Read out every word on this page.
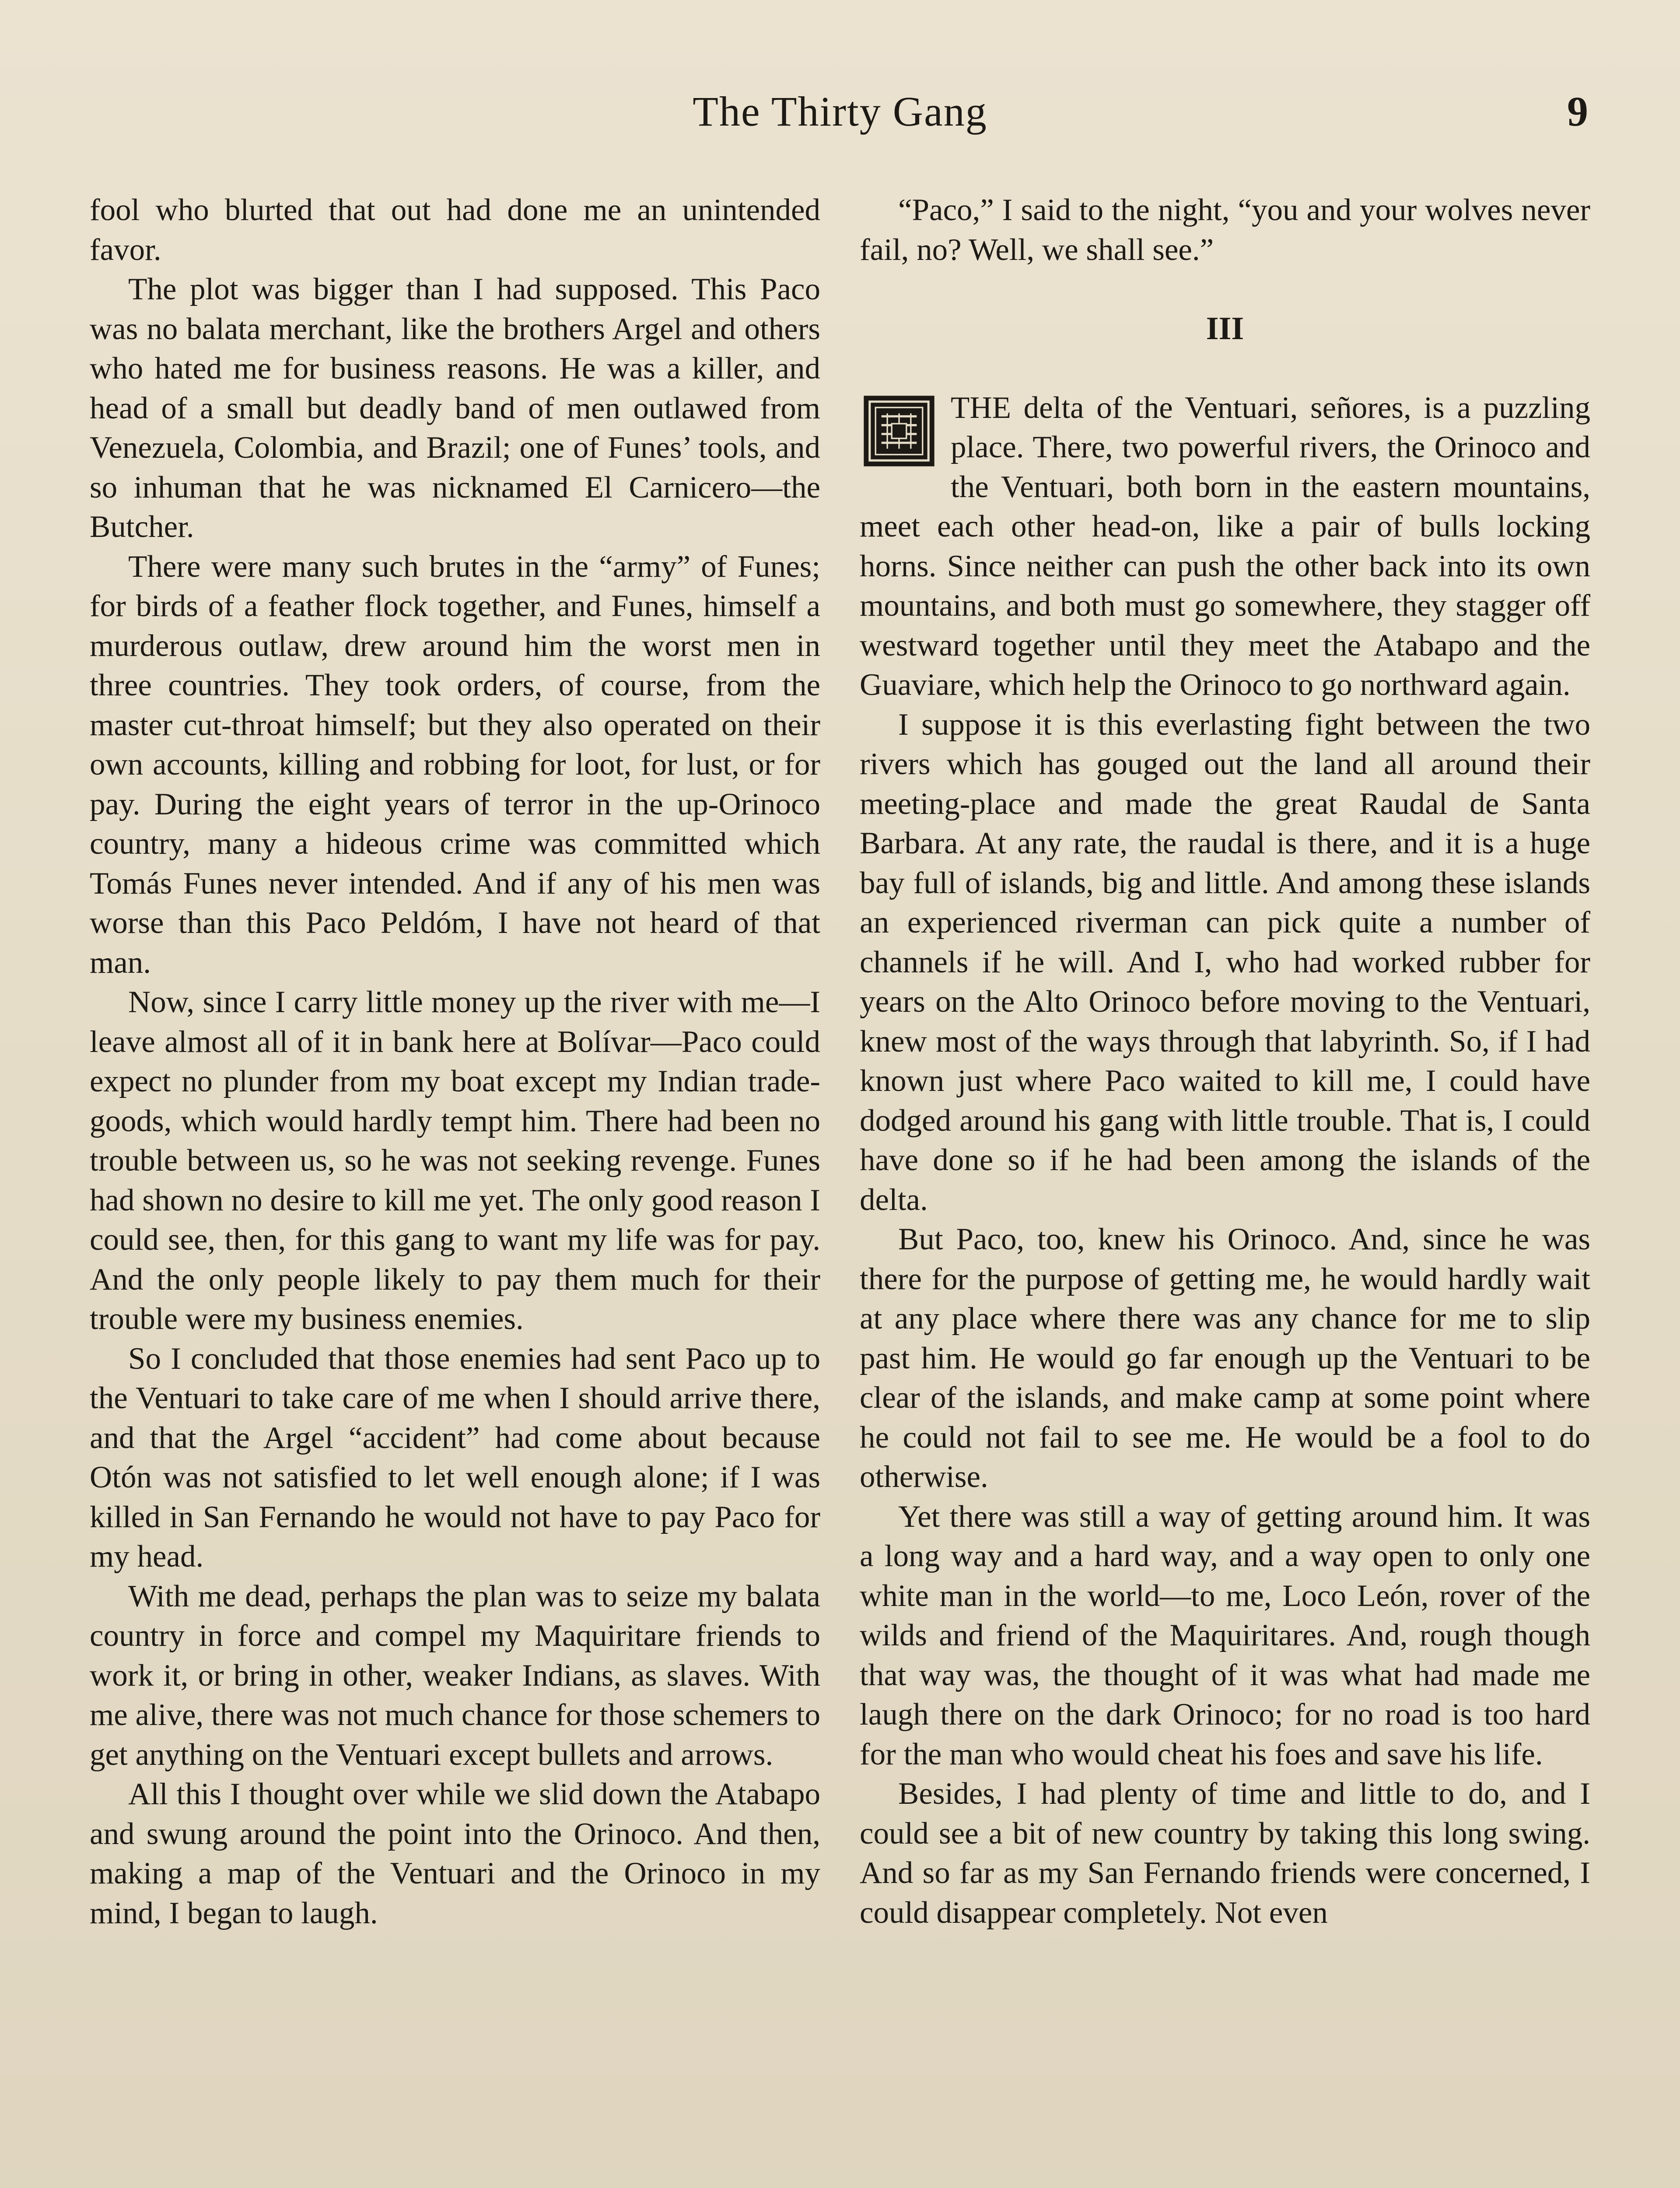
The Thirty Gang	9

fool who blurted that out had done me an unintended favor.

The plot was bigger than I had supposed. This Paco was no balata merchant, like the brothers Argel and others who hated me for business reasons. He was a killer, and head of a small but deadly band of men outlawed from Venezuela, Colombia, and Brazil; one of Funes’ tools, and so inhuman that he was nicknamed El Carnicero—the Butcher.

There were many such brutes in the “army” of Funes; for birds of a feather flock together, and Funes, himself a murderous outlaw, drew around him the worst men in three countries. They took orders, of course, from the master cut-throat himself; but they also operated on their own accounts, killing and robbing for loot, for lust, or for pay. During the eight years of terror in the up-Orinoco country, many a hideous crime was committed which Tomás Funes never intended. And if any of his men was worse than this Paco Peldóm, I have not heard of that man.

Now, since I carry little money up the river with me—I leave almost all of it in bank here at Bolívar—Paco could expect no plunder from my boat except my Indian trade-goods, which would hardly tempt him. There had been no trouble between us, so he was not seeking revenge. Funes had shown no desire to kill me yet. The only good reason I could see, then, for this gang to want my life was for pay. And the only people likely to pay them much for their trouble were my business enemies.

So I concluded that those enemies had sent Paco up to the Ventuari to take care of me when I should arrive there, and that the Argel “accident” had come about because Otón was not satisfied to let well enough alone; if I was killed in San Fernando he would not have to pay Paco for my head.

With me dead, perhaps the plan was to seize my balata country in force and compel my Maquiritare friends to work it, or bring in other, weaker Indians, as slaves. With me alive, there was not much chance for those schemers to get anything on the Ventuari except bullets and arrows.

All this I thought over while we slid down the Atabapo and swung around the point into the Orinoco. And then, making a map of the Ventuari and the Orinoco in my mind, I began to laugh.

“Paco,” I said to the night, “you and your wolves never fail, no? Well, we shall see.”

III

THE delta of the Ventuari, señores, is a puzzling place. There, two powerful rivers, the Orinoco and the Ventuari, both born in the eastern mountains, meet each other head-on, like a pair of bulls locking horns. Since neither can push the other back into its own mountains, and both must go somewhere, they stagger off westward together until they meet the Atabapo and the Guaviare, which help the Orinoco to go northward again.

I suppose it is this everlasting fight between the two rivers which has gouged out the land all around their meeting-place and made the great Raudal de Santa Barbara. At any rate, the raudal is there, and it is a huge bay full of islands, big and little. And among these islands an experienced riverman can pick quite a number of channels if he will. And I, who had worked rubber for years on the Alto Orinoco before moving to the Ventuari, knew most of the ways through that labyrinth. So, if I had known just where Paco waited to kill me, I could have dodged around his gang with little trouble. That is, I could have done so if he had been among the islands of the delta.

But Paco, too, knew his Orinoco. And, since he was there for the purpose of getting me, he would hardly wait at any place where there was any chance for me to slip past him. He would go far enough up the Ventuari to be clear of the islands, and make camp at some point where he could not fail to see me. He would be a fool to do otherwise.

Yet there was still a way of getting around him. It was a long way and a hard way, and a way open to only one white man in the world—to me, Loco León, rover of the wilds and friend of the Maquiritares. And, rough though that way was, the thought of it was what had made me laugh there on the dark Orinoco; for no road is too hard for the man who would cheat his foes and save his life.

Besides, I had plenty of time and little to do, and I could see a bit of new country by taking this long swing. And so far as my San Fernando friends were concerned, I could disappear completely. Not even
